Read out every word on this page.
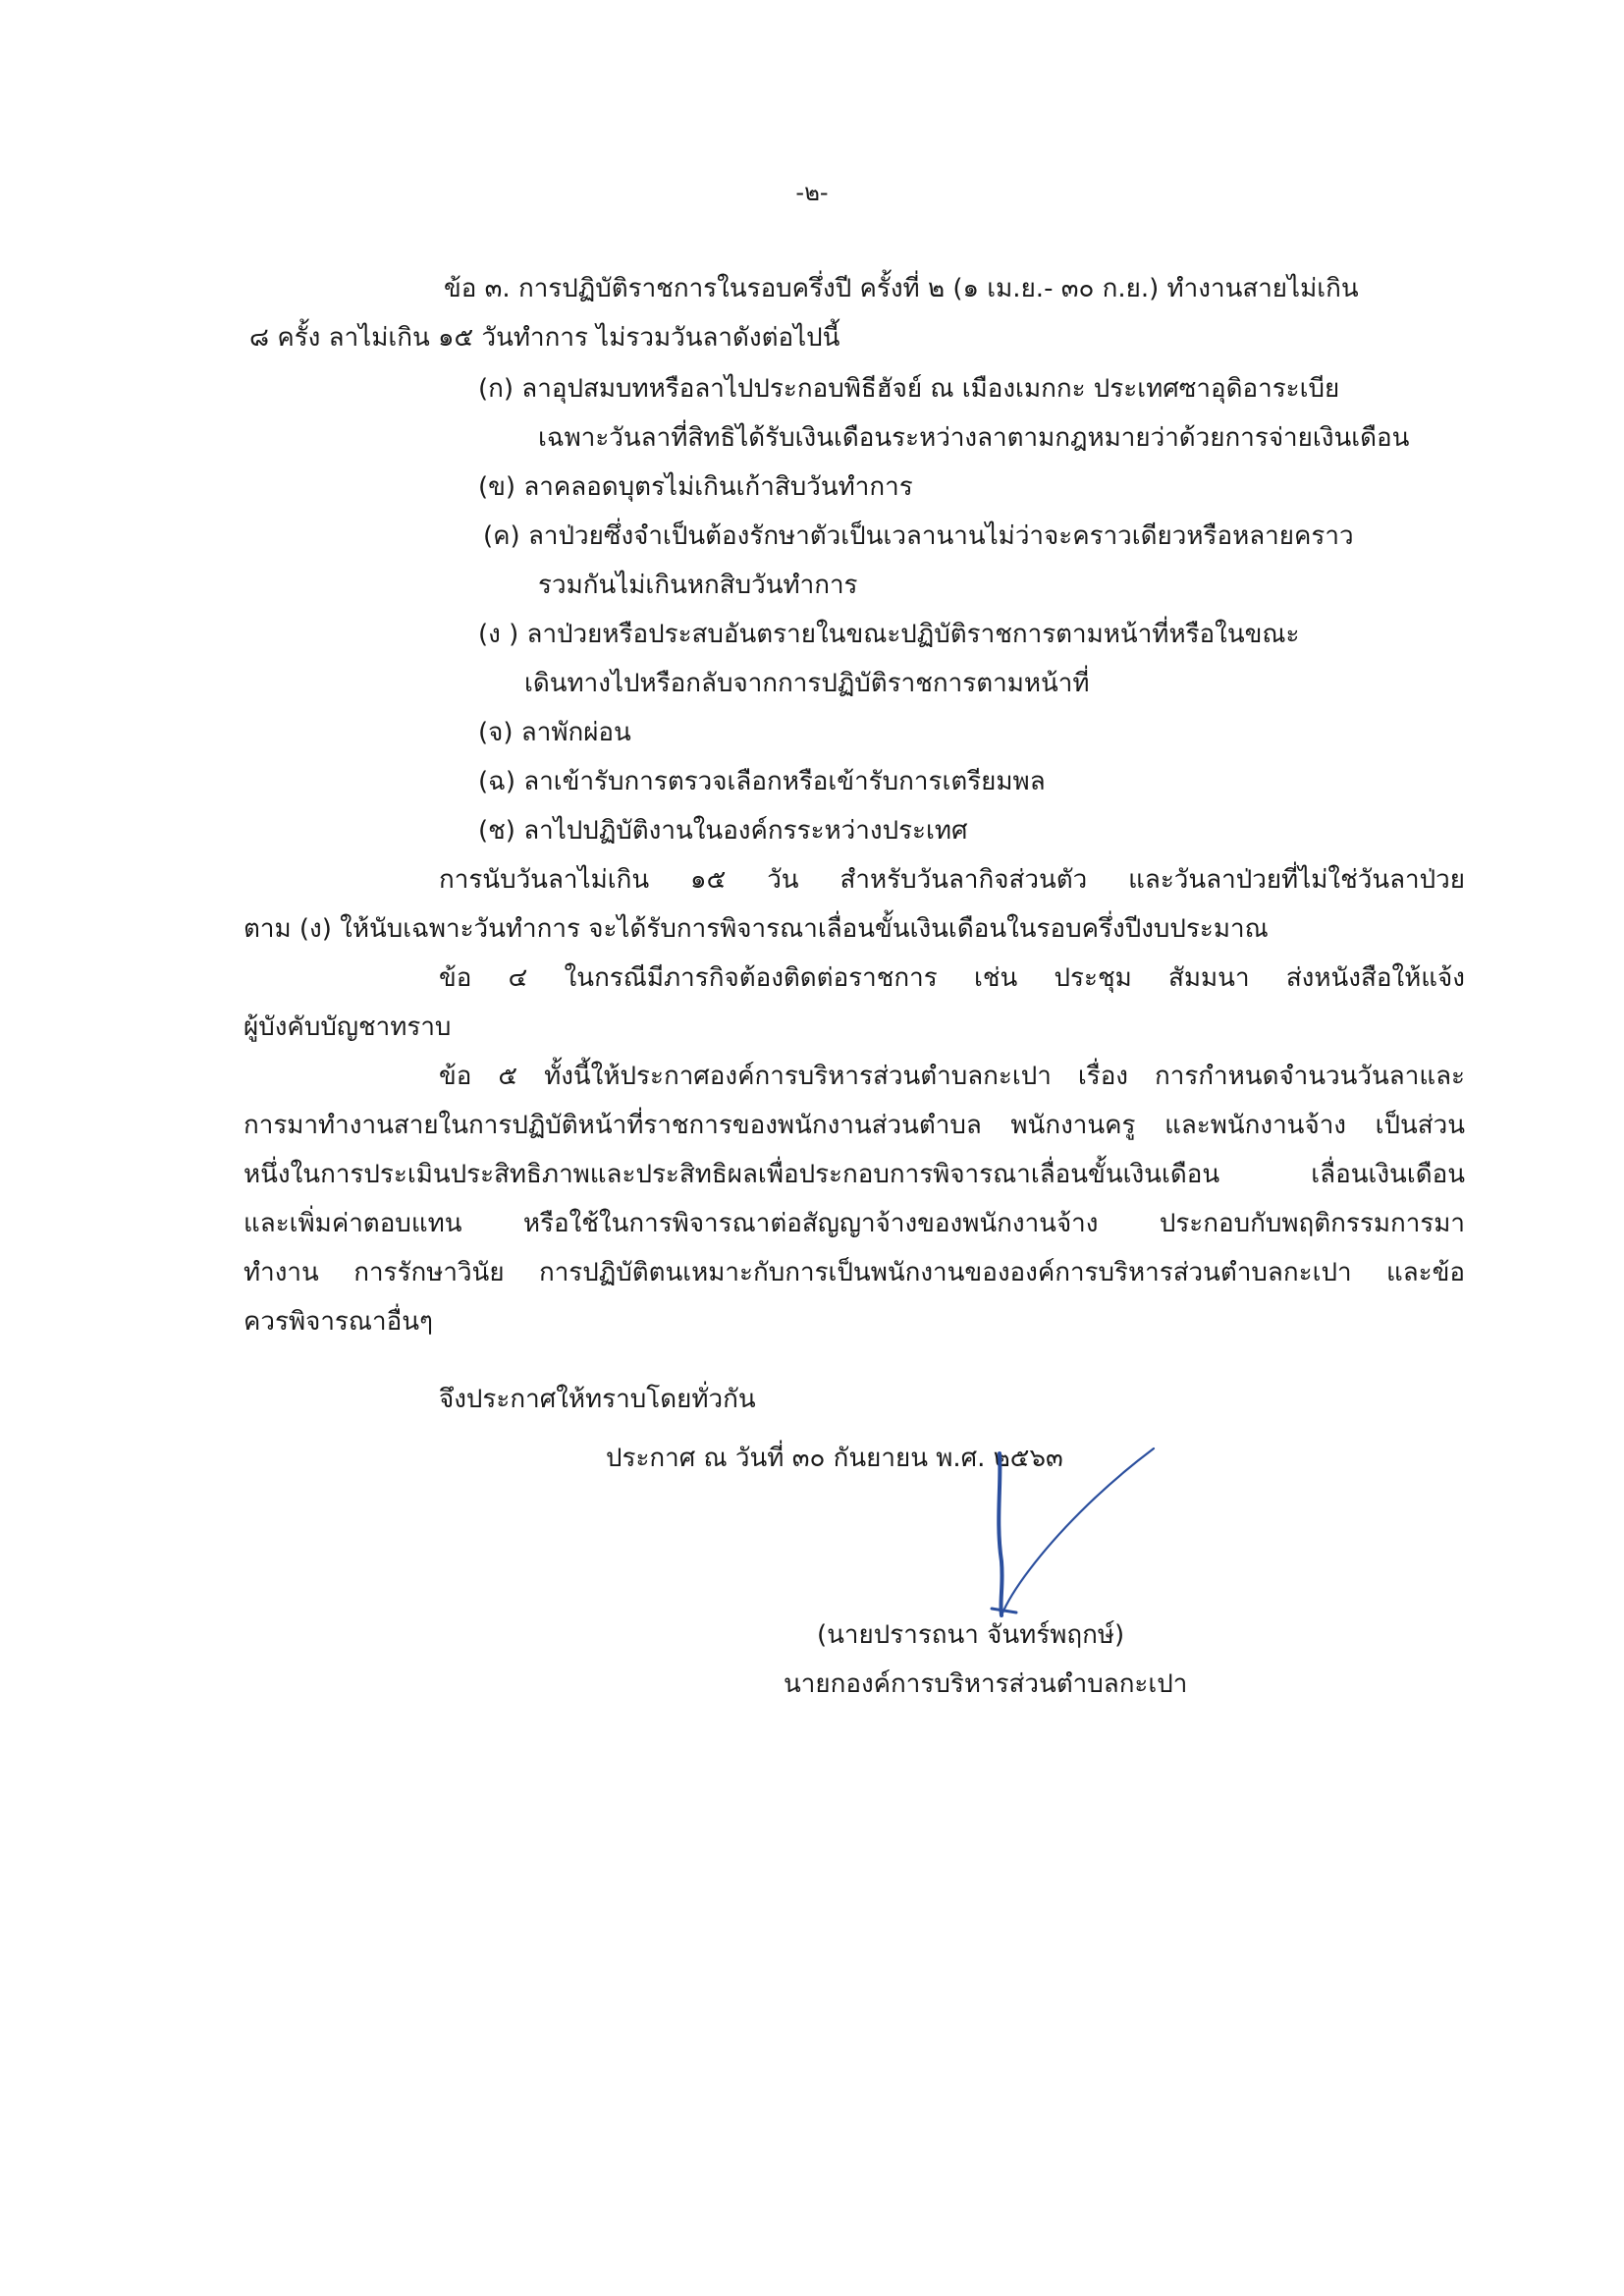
-๒-
ข้อ ๓. การปฏิบัติราชการในรอบครึ่งปี ครั้งที่ ๒ (๑ เม.ย.- ๓๐ ก.ย.) ทำงานสายไม่เกิน
๘ ครั้ง ลาไม่เกิน ๑๕ วันทำการ ไม่รวมวันลาดังต่อไปนี้
(ก) ลาอุปสมบทหรือลาไปประกอบพิธีฮัจย์ ณ เมืองเมกกะ ประเทศซาอุดิอาระเบีย
เฉพาะวันลาที่สิทธิได้รับเงินเดือนระหว่างลาตามกฎหมายว่าด้วยการจ่ายเงินเดือน
(ข) ลาคลอดบุตรไม่เกินเก้าสิบวันทำการ
(ค) ลาป่วยซึ่งจำเป็นต้องรักษาตัวเป็นเวลานานไม่ว่าจะคราวเดียวหรือหลายคราว
รวมกันไม่เกินหกสิบวันทำการ
(ง ) ลาป่วยหรือประสบอันตรายในขณะปฏิบัติราชการตามหน้าที่หรือในขณะ
เดินทางไปหรือกลับจากการปฏิบัติราชการตามหน้าที่
(จ) ลาพักผ่อน
(ฉ) ลาเข้ารับการตรวจเลือกหรือเข้ารับการเตรียมพล
(ช) ลาไปปฏิบัติงานในองค์กรระหว่างประเทศ
การนับวันลาไม่เกิน ๑๕ วัน สำหรับวันลากิจส่วนตัว และวันลาป่วยที่ไม่ใช่วันลาป่วย
ตาม (ง) ให้นับเฉพาะวันทำการ จะได้รับการพิจารณาเลื่อนขั้นเงินเดือนในรอบครึ่งปีงบประมาณ
ข้อ ๔ ในกรณีมีภารกิจต้องติดต่อราชการ เช่น ประชุม สัมมนา ส่งหนังสือให้แจ้ง
ผู้บังคับบัญชาทราบ
ข้อ ๕ ทั้งนี้ให้ประกาศองค์การบริหารส่วนตำบลกะเปา เรื่อง การกำหนดจำนวนวันลาและ
การมาทำงานสายในการปฏิบัติหน้าที่ราชการของพนักงานส่วนตำบล พนักงานครู และพนักงานจ้าง เป็นส่วน
หนึ่งในการประเมินประสิทธิภาพและประสิทธิผลเพื่อประกอบการพิจารณาเลื่อนขั้นเงินเดือน เลื่อนเงินเดือน
และเพิ่มค่าตอบแทน หรือใช้ในการพิจารณาต่อสัญญาจ้างของพนักงานจ้าง ประกอบกับพฤติกรรมการมา
ทำงาน การรักษาวินัย การปฏิบัติตนเหมาะกับการเป็นพนักงานขององค์การบริหารส่วนตำบลกะเปา และข้อ
ควรพิจารณาอื่นๆ
จึงประกาศให้ทราบโดยทั่วกัน
ประกาศ ณ วันที่ ๓๐ กันยายน พ.ศ. ๒๕๖๓
(นายปรารถนา จันทร์พฤกษ์)
นายกองค์การบริหารส่วนตำบลกะเปา
